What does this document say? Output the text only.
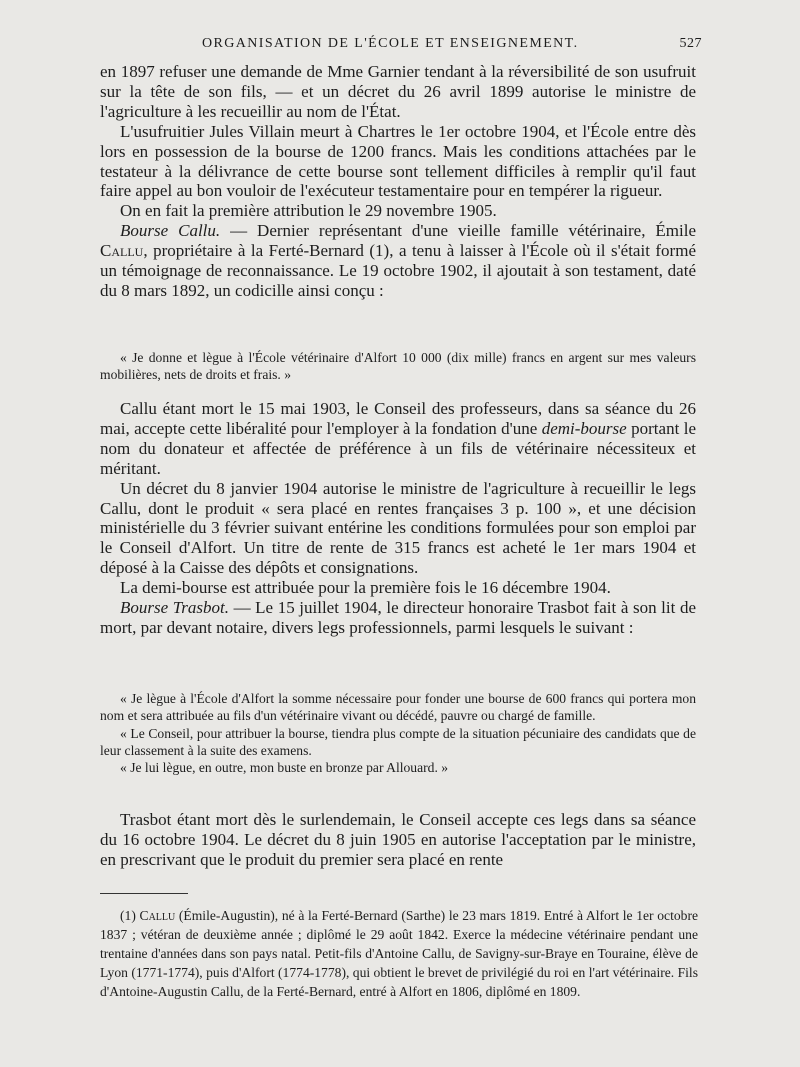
ORGANISATION DE L'ÉCOLE ET ENSEIGNEMENT.	527

en 1897 refuser une demande de Mme Garnier tendant à la réversibilité de son usufruit sur la tête de son fils, — et un décret du 26 avril 1899 autorise le ministre de l'agriculture à les recueillir au nom de l'État.

L'usufruitier Jules Villain meurt à Chartres le 1er octobre 1904, et l'École entre dès lors en possession de la bourse de 1200 francs. Mais les conditions attachées par le testateur à la délivrance de cette bourse sont tellement difficiles à remplir qu'il faut faire appel au bon vouloir de l'exécuteur testamentaire pour en tempérer la rigueur.

On en fait la première attribution le 29 novembre 1905.

Bourse Callu. — Dernier représentant d'une vieille famille vétérinaire, Émile Callu, propriétaire à la Ferté-Bernard (1), a tenu à laisser à l'École où il s'était formé un témoignage de reconnaissance. Le 19 octobre 1902, il ajoutait à son testament, daté du 8 mars 1892, un codicille ainsi conçu :

« Je donne et lègue à l'École vétérinaire d'Alfort 10 000 (dix mille) francs en argent sur mes valeurs mobilières, nets de droits et frais. »

Callu étant mort le 15 mai 1903, le Conseil des professeurs, dans sa séance du 26 mai, accepte cette libéralité pour l'employer à la fondation d'une demi-bourse portant le nom du donateur et affectée de préférence à un fils de vétérinaire nécessiteux et méritant.

Un décret du 8 janvier 1904 autorise le ministre de l'agriculture à recueillir le legs Callu, dont le produit « sera placé en rentes françaises 3 p. 100 », et une décision ministérielle du 3 février suivant entérine les conditions formulées pour son emploi par le Conseil d'Alfort. Un titre de rente de 315 francs est acheté le 1er mars 1904 et déposé à la Caisse des dépôts et consignations.

La demi-bourse est attribuée pour la première fois le 16 décembre 1904.

Bourse Trasbot. — Le 15 juillet 1904, le directeur honoraire Trasbot fait à son lit de mort, par devant notaire, divers legs professionnels, parmi lesquels le suivant :

« Je lègue à l'École d'Alfort la somme nécessaire pour fonder une bourse de 600 francs qui portera mon nom et sera attribuée au fils d'un vétérinaire vivant ou décédé, pauvre ou chargé de famille.

« Le Conseil, pour attribuer la bourse, tiendra plus compte de la situation pécuniaire des candidats que de leur classement à la suite des examens.

« Je lui lègue, en outre, mon buste en bronze par Allouard. »

Trasbot étant mort dès le surlendemain, le Conseil accepte ces legs dans sa séance du 16 octobre 1904. Le décret du 8 juin 1905 en autorise l'acceptation par le ministre, en prescrivant que le produit du premier sera placé en rente

(1) Callu (Émile-Augustin), né à la Ferté-Bernard (Sarthe) le 23 mars 1819. Entré à Alfort le 1er octobre 1837 ; vétéran de deuxième année ; diplômé le 29 août 1842. Exerce la médecine vétérinaire pendant une trentaine d'années dans son pays natal. Petit-fils d'Antoine Callu, de Savigny-sur-Braye en Touraine, élève de Lyon (1771-1774), puis d'Alfort (1774-1778), qui obtient le brevet de privilégié du roi en l'art vétérinaire. Fils d'Antoine-Augustin Callu, de la Ferté-Bernard, entré à Alfort en 1806, diplômé en 1809.
